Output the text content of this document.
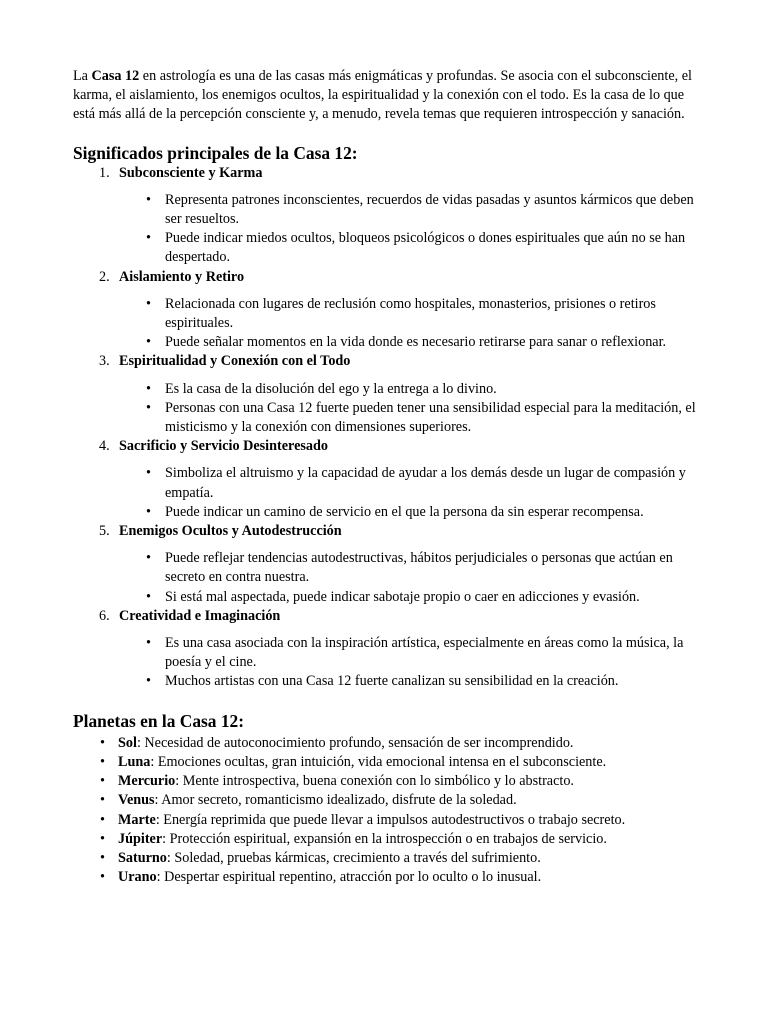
La Casa 12 en astrología es una de las casas más enigmáticas y profundas. Se asocia con el subconsciente, el karma, el aislamiento, los enemigos ocultos, la espiritualidad y la conexión con el todo. Es la casa de lo que está más allá de la percepción consciente y, a menudo, revela temas que requieren introspección y sanación.

Significados principales de la Casa 12:
1. Subconsciente y Karma
• Representa patrones inconscientes, recuerdos de vidas pasadas y asuntos kármicos que deben ser resueltos.
• Puede indicar miedos ocultos, bloqueos psicológicos o dones espirituales que aún no se han despertado.
2. Aislamiento y Retiro
• Relacionada con lugares de reclusión como hospitales, monasterios, prisiones o retiros espirituales.
• Puede señalar momentos en la vida donde es necesario retirarse para sanar o reflexionar.
3. Espiritualidad y Conexión con el Todo
• Es la casa de la disolución del ego y la entrega a lo divino.
• Personas con una Casa 12 fuerte pueden tener una sensibilidad especial para la meditación, el misticismo y la conexión con dimensiones superiores.
4. Sacrificio y Servicio Desinteresado
• Simboliza el altruismo y la capacidad de ayudar a los demás desde un lugar de compasión y empatía.
• Puede indicar un camino de servicio en el que la persona da sin esperar recompensa.
5. Enemigos Ocultos y Autodestrucción
• Puede reflejar tendencias autodestructivas, hábitos perjudiciales o personas que actúan en secreto en contra nuestra.
• Si está mal aspectada, puede indicar sabotaje propio o caer en adicciones y evasión.
6. Creatividad e Imaginación
• Es una casa asociada con la inspiración artística, especialmente en áreas como la música, la poesía y el cine.
• Muchos artistas con una Casa 12 fuerte canalizan su sensibilidad en la creación.
Planetas en la Casa 12:
• Sol: Necesidad de autoconocimiento profundo, sensación de ser incomprendido.
• Luna: Emociones ocultas, gran intuición, vida emocional intensa en el subconsciente.
• Mercurio: Mente introspectiva, buena conexión con lo simbólico y lo abstracto.
• Venus: Amor secreto, romanticismo idealizado, disfrute de la soledad.
• Marte: Energía reprimida que puede llevar a impulsos autodestructivos o trabajo secreto.
• Júpiter: Protección espiritual, expansión en la introspección o en trabajos de servicio.
• Saturno: Soledad, pruebas kármicas, crecimiento a través del sufrimiento.
• Urano: Despertar espiritual repentino, atracción por lo oculto o lo inusual.
